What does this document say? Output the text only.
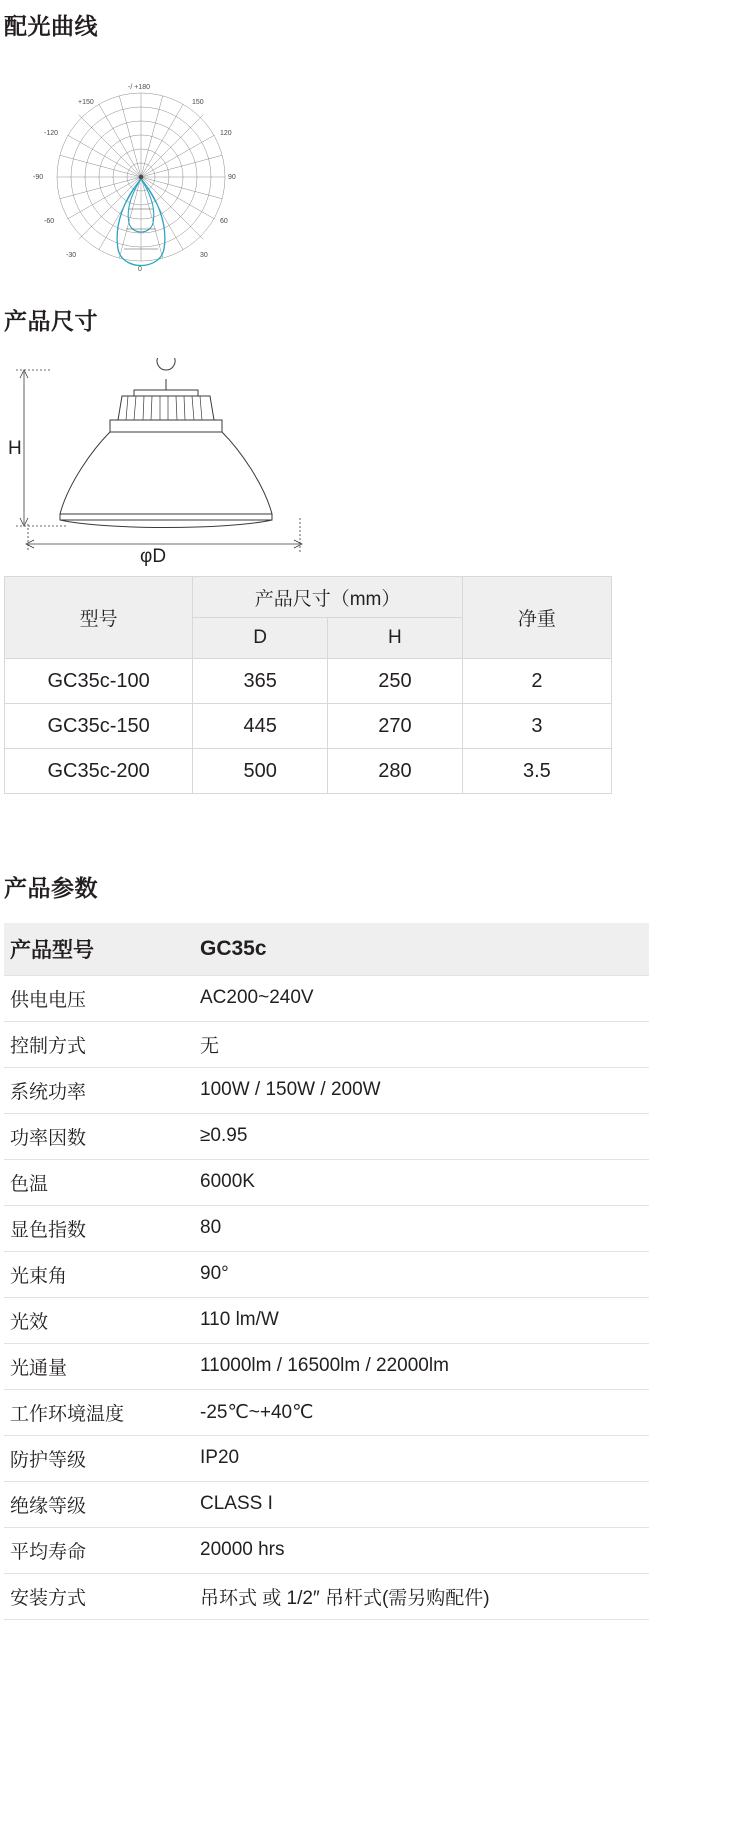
配光曲线
-/ +180
+150	150
-120	120
-90	90
-60	60
-30	30
0
产品尺寸
H
φD
型号	产品尺寸（mm）		净重
	D	H	
GC35c-100	365	250	2
GC35c-150	445	270	3
GC35c-200	500	280	3.5
产品参数
产品型号	GC35c
供电电压	AC200~240V
控制方式	无
系统功率	100W / 150W / 200W
功率因数	≥0.95
色温	6000K
显色指数	80
光束角	90°
光效	110 lm/W
光通量	11000lm / 16500lm / 22000lm
工作环境温度	-25℃~+40℃
防护等级	IP20
绝缘等级	CLASS I
平均寿命	20000 hrs
安装方式	吊环式 或 1/2″ 吊杆式(需另购配件)
